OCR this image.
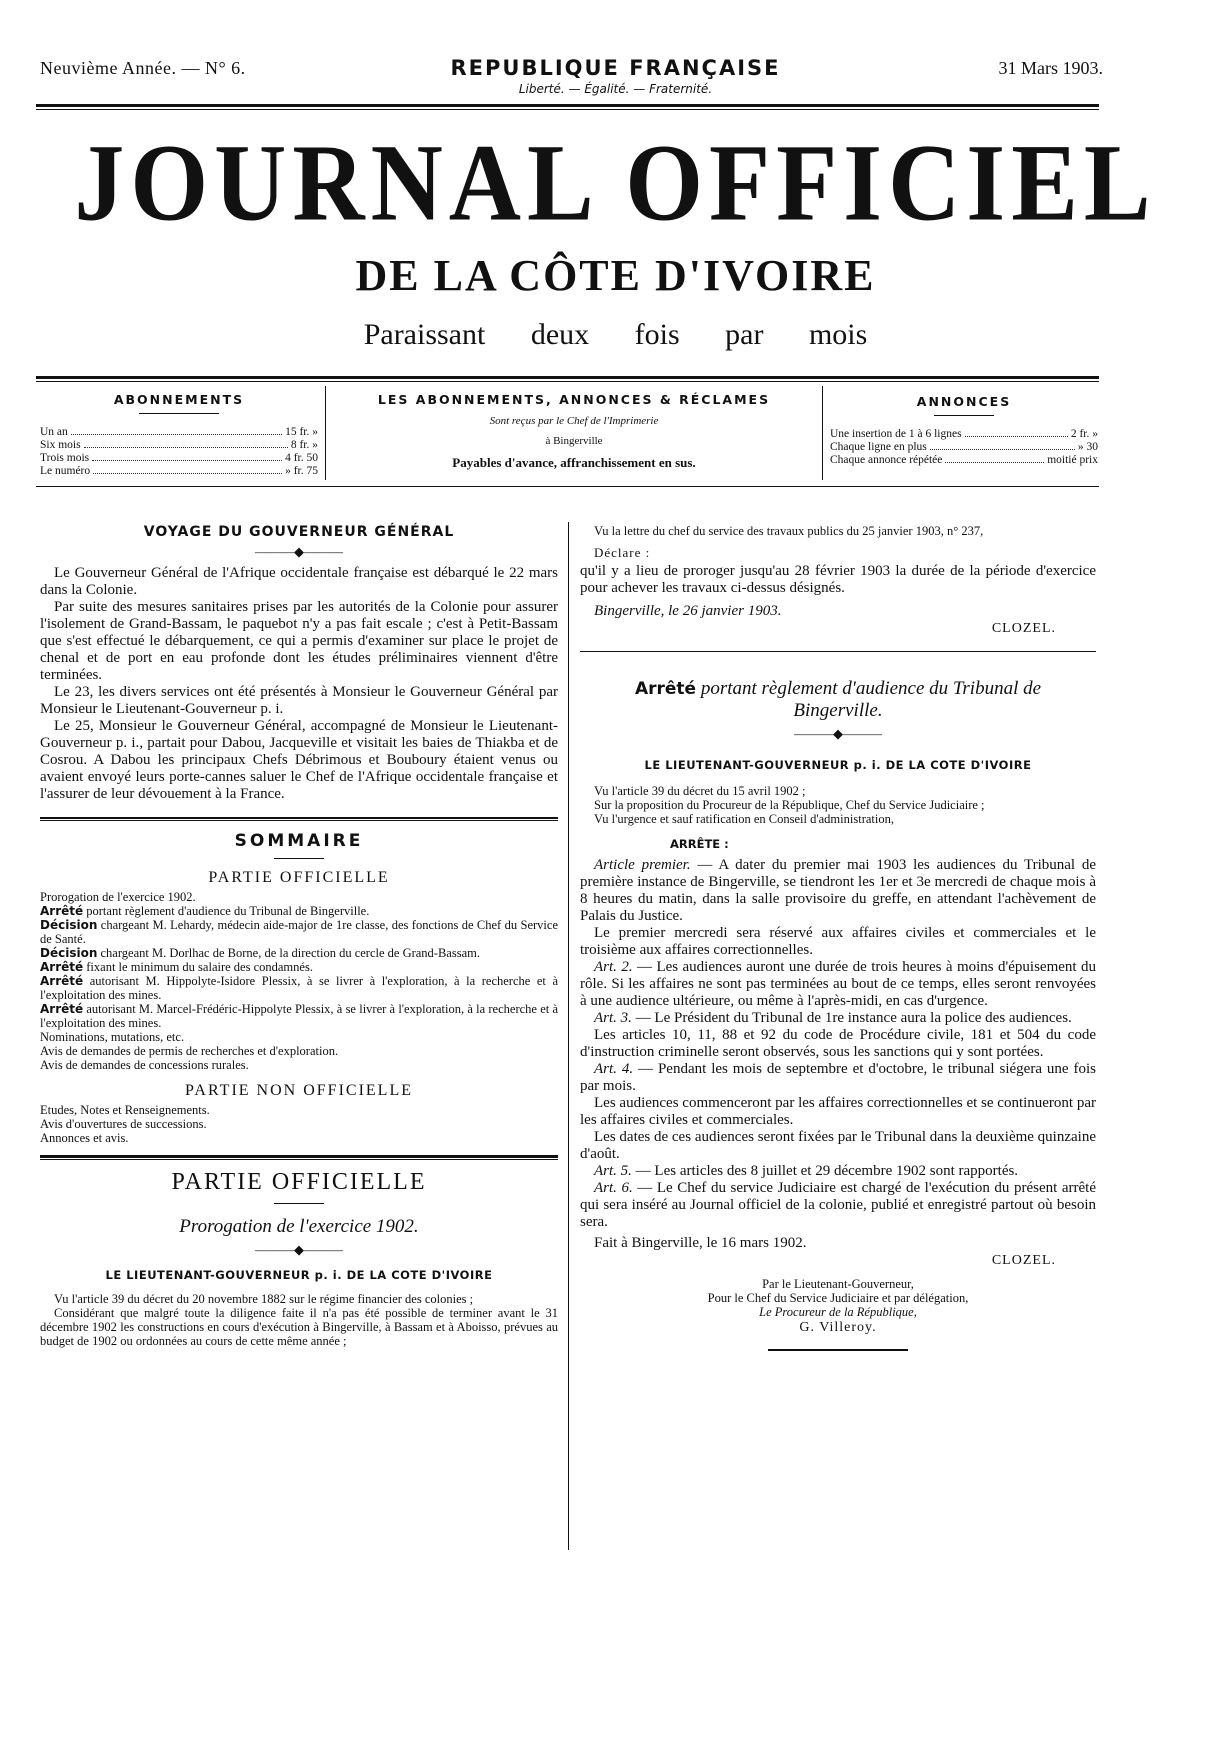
Neuvième Année. — N° 6.	REPUBLIQUE FRANÇAISE
Liberté. — Égalité. — Fraternité.
31 Mars 1903.
JOURNAL OFFICIEL
DE LA CÔTE D'IVOIRE
Paraissant deux fois par mois
ABONNEMENTS
Un an	15 fr. »
Six mois	8 fr. »
Trois mois	4 fr. 50
Le numéro	» fr. 75
LES ABONNEMENTS, ANNONCES & RÉCLAMES
Sont reçus par le Chef de l'Imprimerie
à Bingerville
Payables d'avance, affranchissement en sus.
ANNONCES
Une insertion de 1 à 6 lignes	2 fr. »
Chaque ligne en plus	» 30
Chaque annonce répétée	moitié prix
VOYAGE DU GOUVERNEUR GÉNÉRAL
———◆———

Le Gouverneur Général de l'Afrique occidentale française est débarqué le 22 mars dans la Colonie.

Par suite des mesures sanitaires prises par les autorités de la Colonie pour assurer l'isolement de Grand-Bassam, le paquebot n'y a pas fait escale ; c'est à Petit-Bassam que s'est effectué le débarquement, ce qui a permis d'examiner sur place le projet de chenal et de port en eau profonde dont les études préliminaires viennent d'être terminées.

Le 23, les divers services ont été présentés à Monsieur le Gouverneur Général par Monsieur le Lieutenant-Gouverneur p. i.

Le 25, Monsieur le Gouverneur Général, accompagné de Monsieur le Lieutenant-Gouverneur p. i., partait pour Dabou, Jacqueville et visitait les baies de Thiakba et de Cosrou. A Dabou les principaux Chefs Débrimous et Bouboury étaient venus ou avaient envoyé leurs porte-cannes saluer le Chef de l'Afrique occidentale française et l'assurer de leur dévouement à la France.

SOMMAIRE
PARTIE OFFICIELLE
Prorogation de l'exercice 1902.
Arrêté portant règlement d'audience du Tribunal de Bingerville.
Décision chargeant M. Lehardy, médecin aide-major de 1re classe, des fonctions de Chef du Service de Santé.
Décision chargeant M. Dorlhac de Borne, de la direction du cercle de Grand-Bassam.
Arrêté fixant le minimum du salaire des condamnés.
Arrêté autorisant M. Hippolyte-Isidore Plessix, à se livrer à l'exploration, à la recherche et à l'exploitation des mines.
Arrêté autorisant M. Marcel-Frédéric-Hippolyte Plessix, à se livrer à l'exploration, à la recherche et à l'exploitation des mines.
Nominations, mutations, etc.
Avis de demandes de permis de recherches et d'exploration.
Avis de demandes de concessions rurales.
PARTIE NON OFFICIELLE
Etudes, Notes et Renseignements.
Avis d'ouvertures de successions.
Annonces et avis.
PARTIE OFFICIELLE
Prorogation de l'exercice 1902.
———◆———
LE LIEUTENANT-GOUVERNEUR p. i. DE LA COTE D'IVOIRE

Vu l'article 39 du décret du 20 novembre 1882 sur le régime financier des colonies ;

Considérant que malgré toute la diligence faite il n'a pas été possible de terminer avant le 31 décembre 1902 les constructions en cours d'exécution à Bingerville, à Bassam et à Aboisso, prévues au budget de 1902 ou ordonnées au cours de cette même année ;

Vu la lettre du chef du service des travaux publics du 25 janvier 1903, n° 237,
Déclare :

qu'il y a lieu de proroger jusqu'au 28 février 1903 la durée de la période d'exercice pour achever les travaux ci-dessus désignés.

Bingerville, le 26 janvier 1903.

CLOZEL.
Arrêté portant règlement d'audience du Tribunal de Bingerville.
———◆———
LE LIEUTENANT-GOUVERNEUR p. i. DE LA COTE D'IVOIRE
Vu l'article 39 du décret du 15 avril 1902 ;
Sur la proposition du Procureur de la République, Chef du Service Judiciaire ;
Vu l'urgence et sauf ratification en Conseil d'administration,
ARRÊTE :

Article premier. — A dater du premier mai 1903 les audiences du Tribunal de première instance de Bingerville, se tiendront les 1er et 3e mercredi de chaque mois à 8 heures du matin, dans la salle provisoire du greffe, en attendant l'achèvement de Palais du Justice.

Le premier mercredi sera réservé aux affaires civiles et commerciales et le troisième aux affaires correctionnelles.

Art. 2. — Les audiences auront une durée de trois heures à moins d'épuisement du rôle. Si les affaires ne sont pas terminées au bout de ce temps, elles seront renvoyées à une audience ultérieure, ou même à l'après-midi, en cas d'urgence.

Art. 3. — Le Président du Tribunal de 1re instance aura la police des audiences.

Les articles 10, 11, 88 et 92 du code de Procédure civile, 181 et 504 du code d'instruction criminelle seront observés, sous les sanctions qui y sont portées.

Art. 4. — Pendant les mois de septembre et d'octobre, le tribunal siégera une fois par mois.

Les audiences commenceront par les affaires correctionnelles et se continueront par les affaires civiles et commerciales.

Les dates de ces audiences seront fixées par le Tribunal dans la deuxième quinzaine d'août.

Art. 5. — Les articles des 8 juillet et 29 décembre 1902 sont rapportés.

Art. 6. — Le Chef du service Judiciaire est chargé de l'exécution du présent arrêté qui sera inséré au Journal officiel de la colonie, publié et enregistré partout où besoin sera.

Fait à Bingerville, le 16 mars 1902.

CLOZEL.
Par le Lieutenant-Gouverneur,
Pour le Chef du Service Judiciaire et par délégation,
Le Procureur de la République,
G. Villeroy.
